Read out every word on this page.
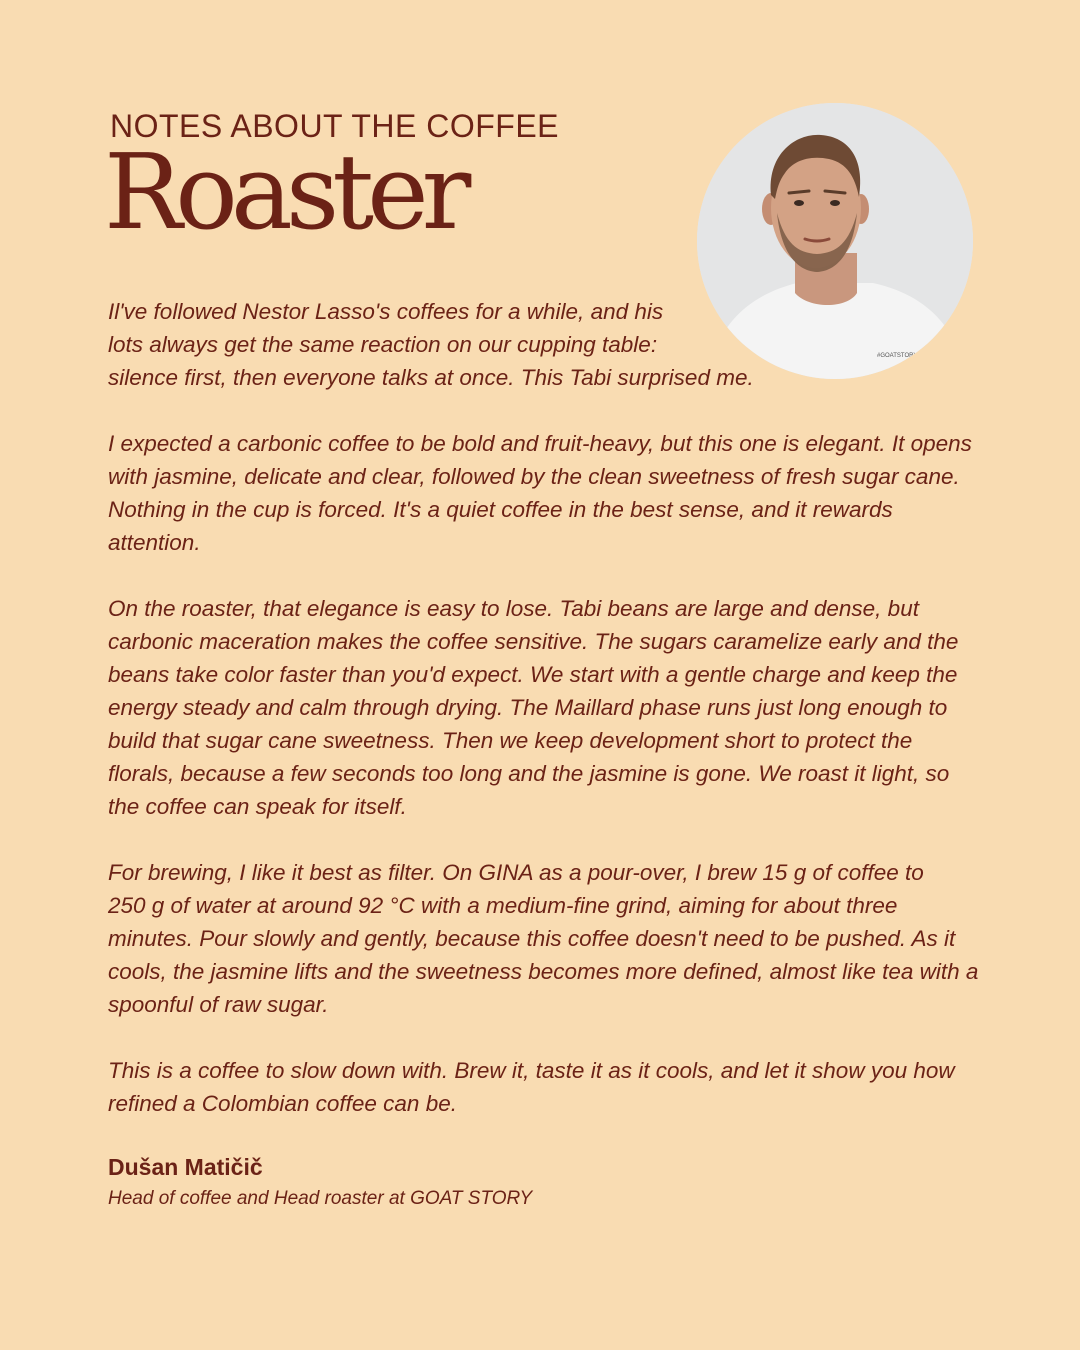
NOTES ABOUT THE COFFEE
Roaster
#GOATSTORY

Il've followed Nestor Lasso's coffees for a while, and his
lots always get the same reaction on our cupping table:
silence first, then everyone talks at once. This Tabi surprised me.

I expected a carbonic coffee to be bold and fruit-heavy, but this one is elegant. It opens
with jasmine, delicate and clear, followed by the clean sweetness of fresh sugar cane.
Nothing in the cup is forced. It's a quiet coffee in the best sense, and it rewards
attention.

On the roaster, that elegance is easy to lose. Tabi beans are large and dense, but
carbonic maceration makes the coffee sensitive. The sugars caramelize early and the
beans take color faster than you'd expect. We start with a gentle charge and keep the
energy steady and calm through drying. The Maillard phase runs just long enough to
build that sugar cane sweetness. Then we keep development short to protect the
florals, because a few seconds too long and the jasmine is gone. We roast it light, so
the coffee can speak for itself.

For brewing, I like it best as filter. On GINA as a pour-over, I brew 15 g of coffee to
250 g of water at around 92 °C with a medium-fine grind, aiming for about three
minutes. Pour slowly and gently, because this coffee doesn't need to be pushed. As it
cools, the jasmine lifts and the sweetness becomes more defined, almost like tea with a
spoonful of raw sugar.

This is a coffee to slow down with. Brew it, taste it as it cools, and let it show you how
refined a Colombian coffee can be.

Dušan Matičič
Head of coffee and Head roaster at GOAT STORY
